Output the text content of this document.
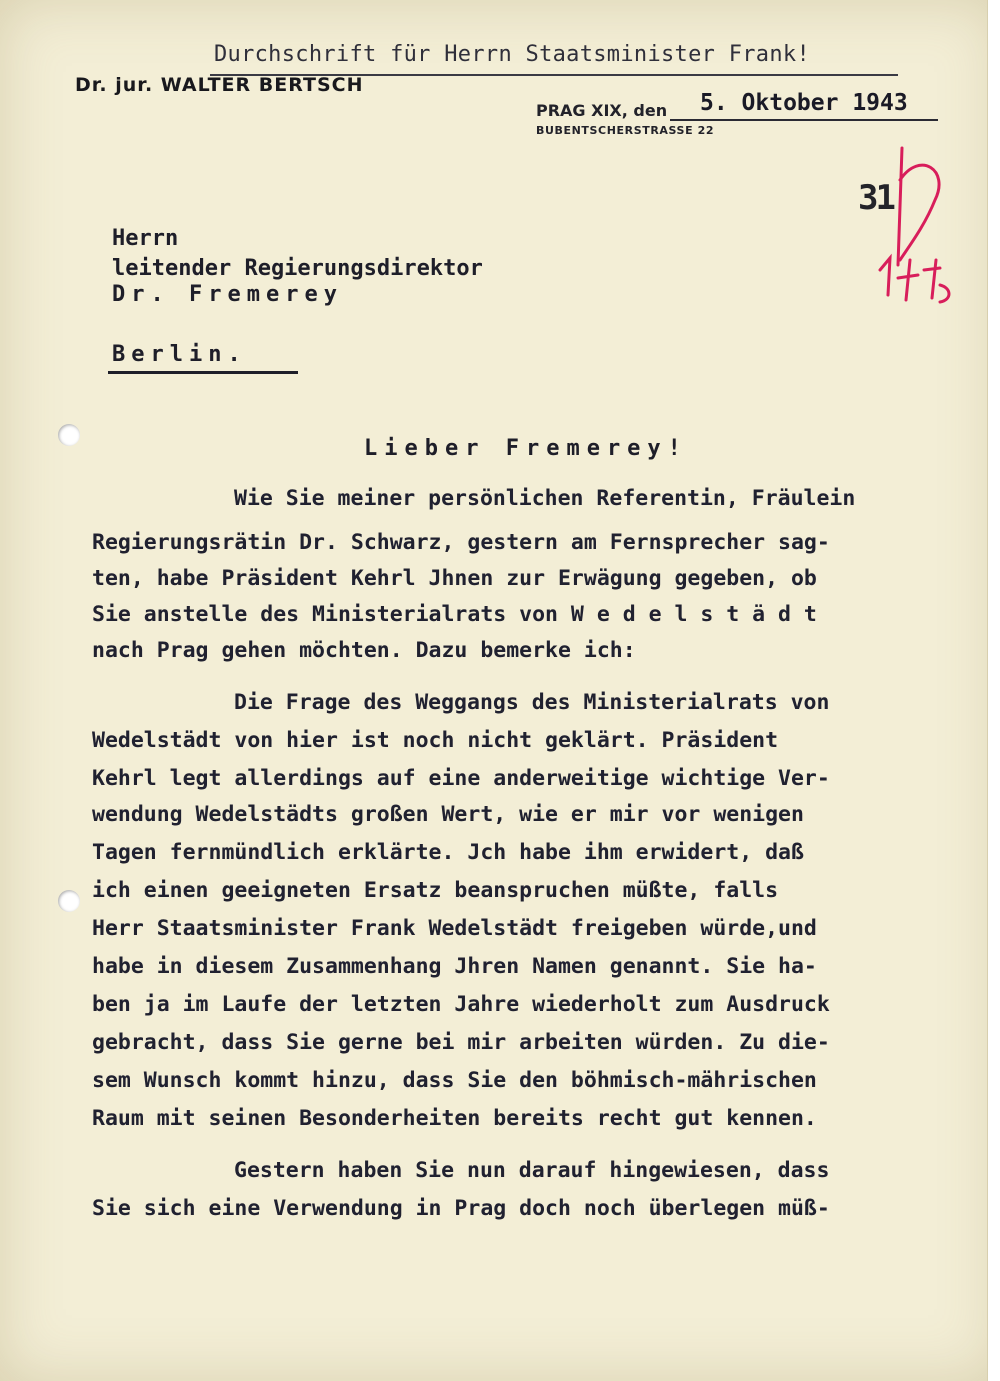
Durchschrift für Herrn Staatsminister Frank!
Dr. jur. WALTER BERTSCH
PRAG XIX, den
BUBENTSCHERSTRASSE 22
5. Oktober 1943
31
Herrn
leitender Regierungsdirektor
Dr. Fremerey
Berlin.
Lieber Fremerey!
Wie Sie meiner persönlichen Referentin, Fräulein
Regierungsrätin Dr. Schwarz, gestern am Fernsprecher sag-
ten, habe Präsident Kehrl Jhnen zur Erwägung gegeben, ob
Sie anstelle des Ministerialrats von W e d e l s t ä d t
nach Prag gehen möchten. Dazu bemerke ich:
Die Frage des Weggangs des Ministerialrats von
Wedelstädt von hier ist noch nicht geklärt. Präsident
Kehrl legt allerdings auf eine anderweitige wichtige Ver-
wendung Wedelstädts großen Wert, wie er mir vor wenigen
Tagen fernmündlich erklärte. Jch habe ihm erwidert, daß
ich einen geeigneten Ersatz beanspruchen müßte, falls
Herr Staatsminister Frank Wedelstädt freigeben würde,und
habe in diesem Zusammenhang Jhren Namen genannt. Sie ha-
ben ja im Laufe der letzten Jahre wiederholt zum Ausdruck
gebracht, dass Sie gerne bei mir arbeiten würden. Zu die-
sem Wunsch kommt hinzu, dass Sie den böhmisch-mährischen
Raum mit seinen Besonderheiten bereits recht gut kennen.
Gestern haben Sie nun darauf hingewiesen, dass
Sie sich eine Verwendung in Prag doch noch überlegen müß-
